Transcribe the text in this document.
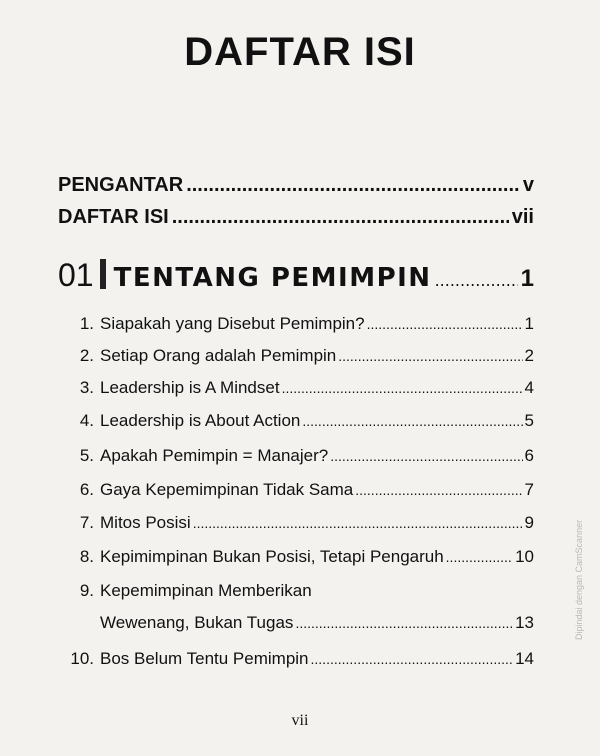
DAFTAR ISI
PENGANTAR .....	v
DAFTAR ISI .....	vii
01 TENTANG PEMIMPIN .....	1
1. Siapakah yang Disebut Pemimpin? .....	1
2. Setiap Orang adalah Pemimpin .....	2
3. Leadership is A Mindset .....	4
4. Leadership is About Action .....	5
5. Apakah Pemimpin = Manajer? .....	6
6. Gaya Kepemimpinan Tidak Sama .....	7
7. Mitos Posisi .....	9
8. Kepimimpinan Bukan Posisi, Tetapi Pengaruh .....	10
9. Kepemimpinan Memberikan
Wewenang, Bukan Tugas .....	13
10. Bos Belum Tentu Pemimpin .....	14
vii
Dipindai dengan CamScanner
